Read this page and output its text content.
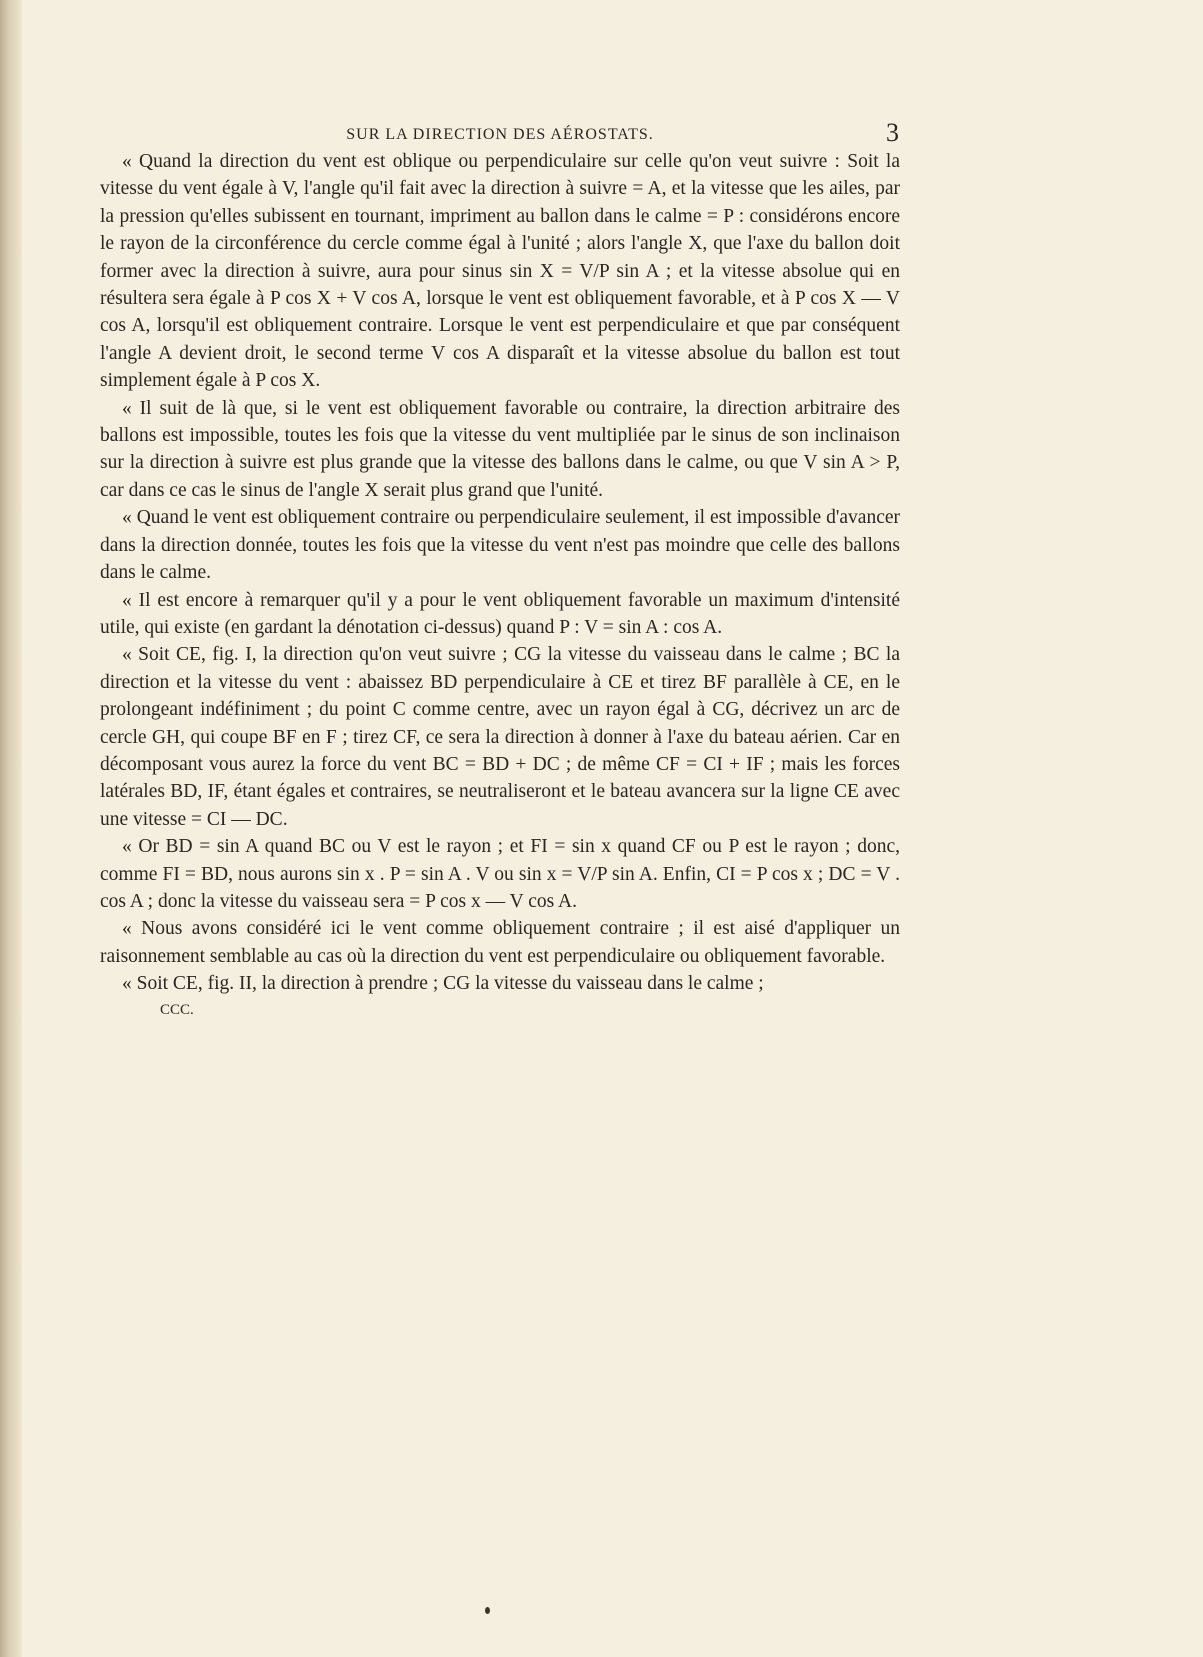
SUR LA DIRECTION DES AÉROSTATS.	3

« Quand la direction du vent est oblique ou perpendiculaire sur celle qu'on veut suivre : Soit la vitesse du vent égale à V, l'angle qu'il fait avec la direction à suivre = A, et la vitesse que les ailes, par la pression qu'elles subissent en tournant, impriment au ballon dans le calme = P : considérons encore le rayon de la circonférence du cercle comme égal à l'unité ; alors l'angle X, que l'axe du ballon doit former avec la direction à suivre, aura pour sinus sin X = V/P sin A ; et la vitesse absolue qui en résultera sera égale à P cos X + V cos A, lorsque le vent est obliquement favorable, et à P cos X — V cos A, lorsqu'il est obliquement contraire. Lorsque le vent est perpendiculaire et que par conséquent l'angle A devient droit, le second terme V cos A disparaît et la vitesse absolue du ballon est tout simplement égale à P cos X.

« Il suit de là que, si le vent est obliquement favorable ou contraire, la direction arbitraire des ballons est impossible, toutes les fois que la vitesse du vent multipliée par le sinus de son inclinaison sur la direction à suivre est plus grande que la vitesse des ballons dans le calme, ou que V sin A > P, car dans ce cas le sinus de l'angle X serait plus grand que l'unité.

« Quand le vent est obliquement contraire ou perpendiculaire seulement, il est impossible d'avancer dans la direction donnée, toutes les fois que la vitesse du vent n'est pas moindre que celle des ballons dans le calme.

« Il est encore à remarquer qu'il y a pour le vent obliquement favorable un maximum d'intensité utile, qui existe (en gardant la dénotation ci-dessus) quand P : V = sin A : cos A.

« Soit CE, fig. I, la direction qu'on veut suivre ; CG la vitesse du vaisseau dans le calme ; BC la direction et la vitesse du vent : abaissez BD perpendiculaire à CE et tirez BF parallèle à CE, en le prolongeant indéfiniment ; du point C comme centre, avec un rayon égal à CG, décrivez un arc de cercle GH, qui coupe BF en F ; tirez CF, ce sera la direction à donner à l'axe du bateau aérien. Car en décomposant vous aurez la force du vent BC = BD + DC ; de même CF = CI + IF ; mais les forces latérales BD, IF, étant égales et contraires, se neutraliseront et le bateau avancera sur la ligne CE avec une vitesse = CI — DC.

« Or BD = sin A quand BC ou V est le rayon ; et FI = sin x quand CF ou P est le rayon ; donc, comme FI = BD, nous aurons sin x . P = sin A . V ou sin x = V/P sin A. Enfin, CI = P cos x ; DC = V . cos A ; donc la vitesse du vaisseau sera = P cos x — V cos A.

« Nous avons considéré ici le vent comme obliquement contraire ; il est aisé d'appliquer un raisonnement semblable au cas où la direction du vent est perpendiculaire ou obliquement favorable.

« Soit CE, fig. II, la direction à prendre ; CG la vitesse du vaisseau dans le calme ;

CCC.
